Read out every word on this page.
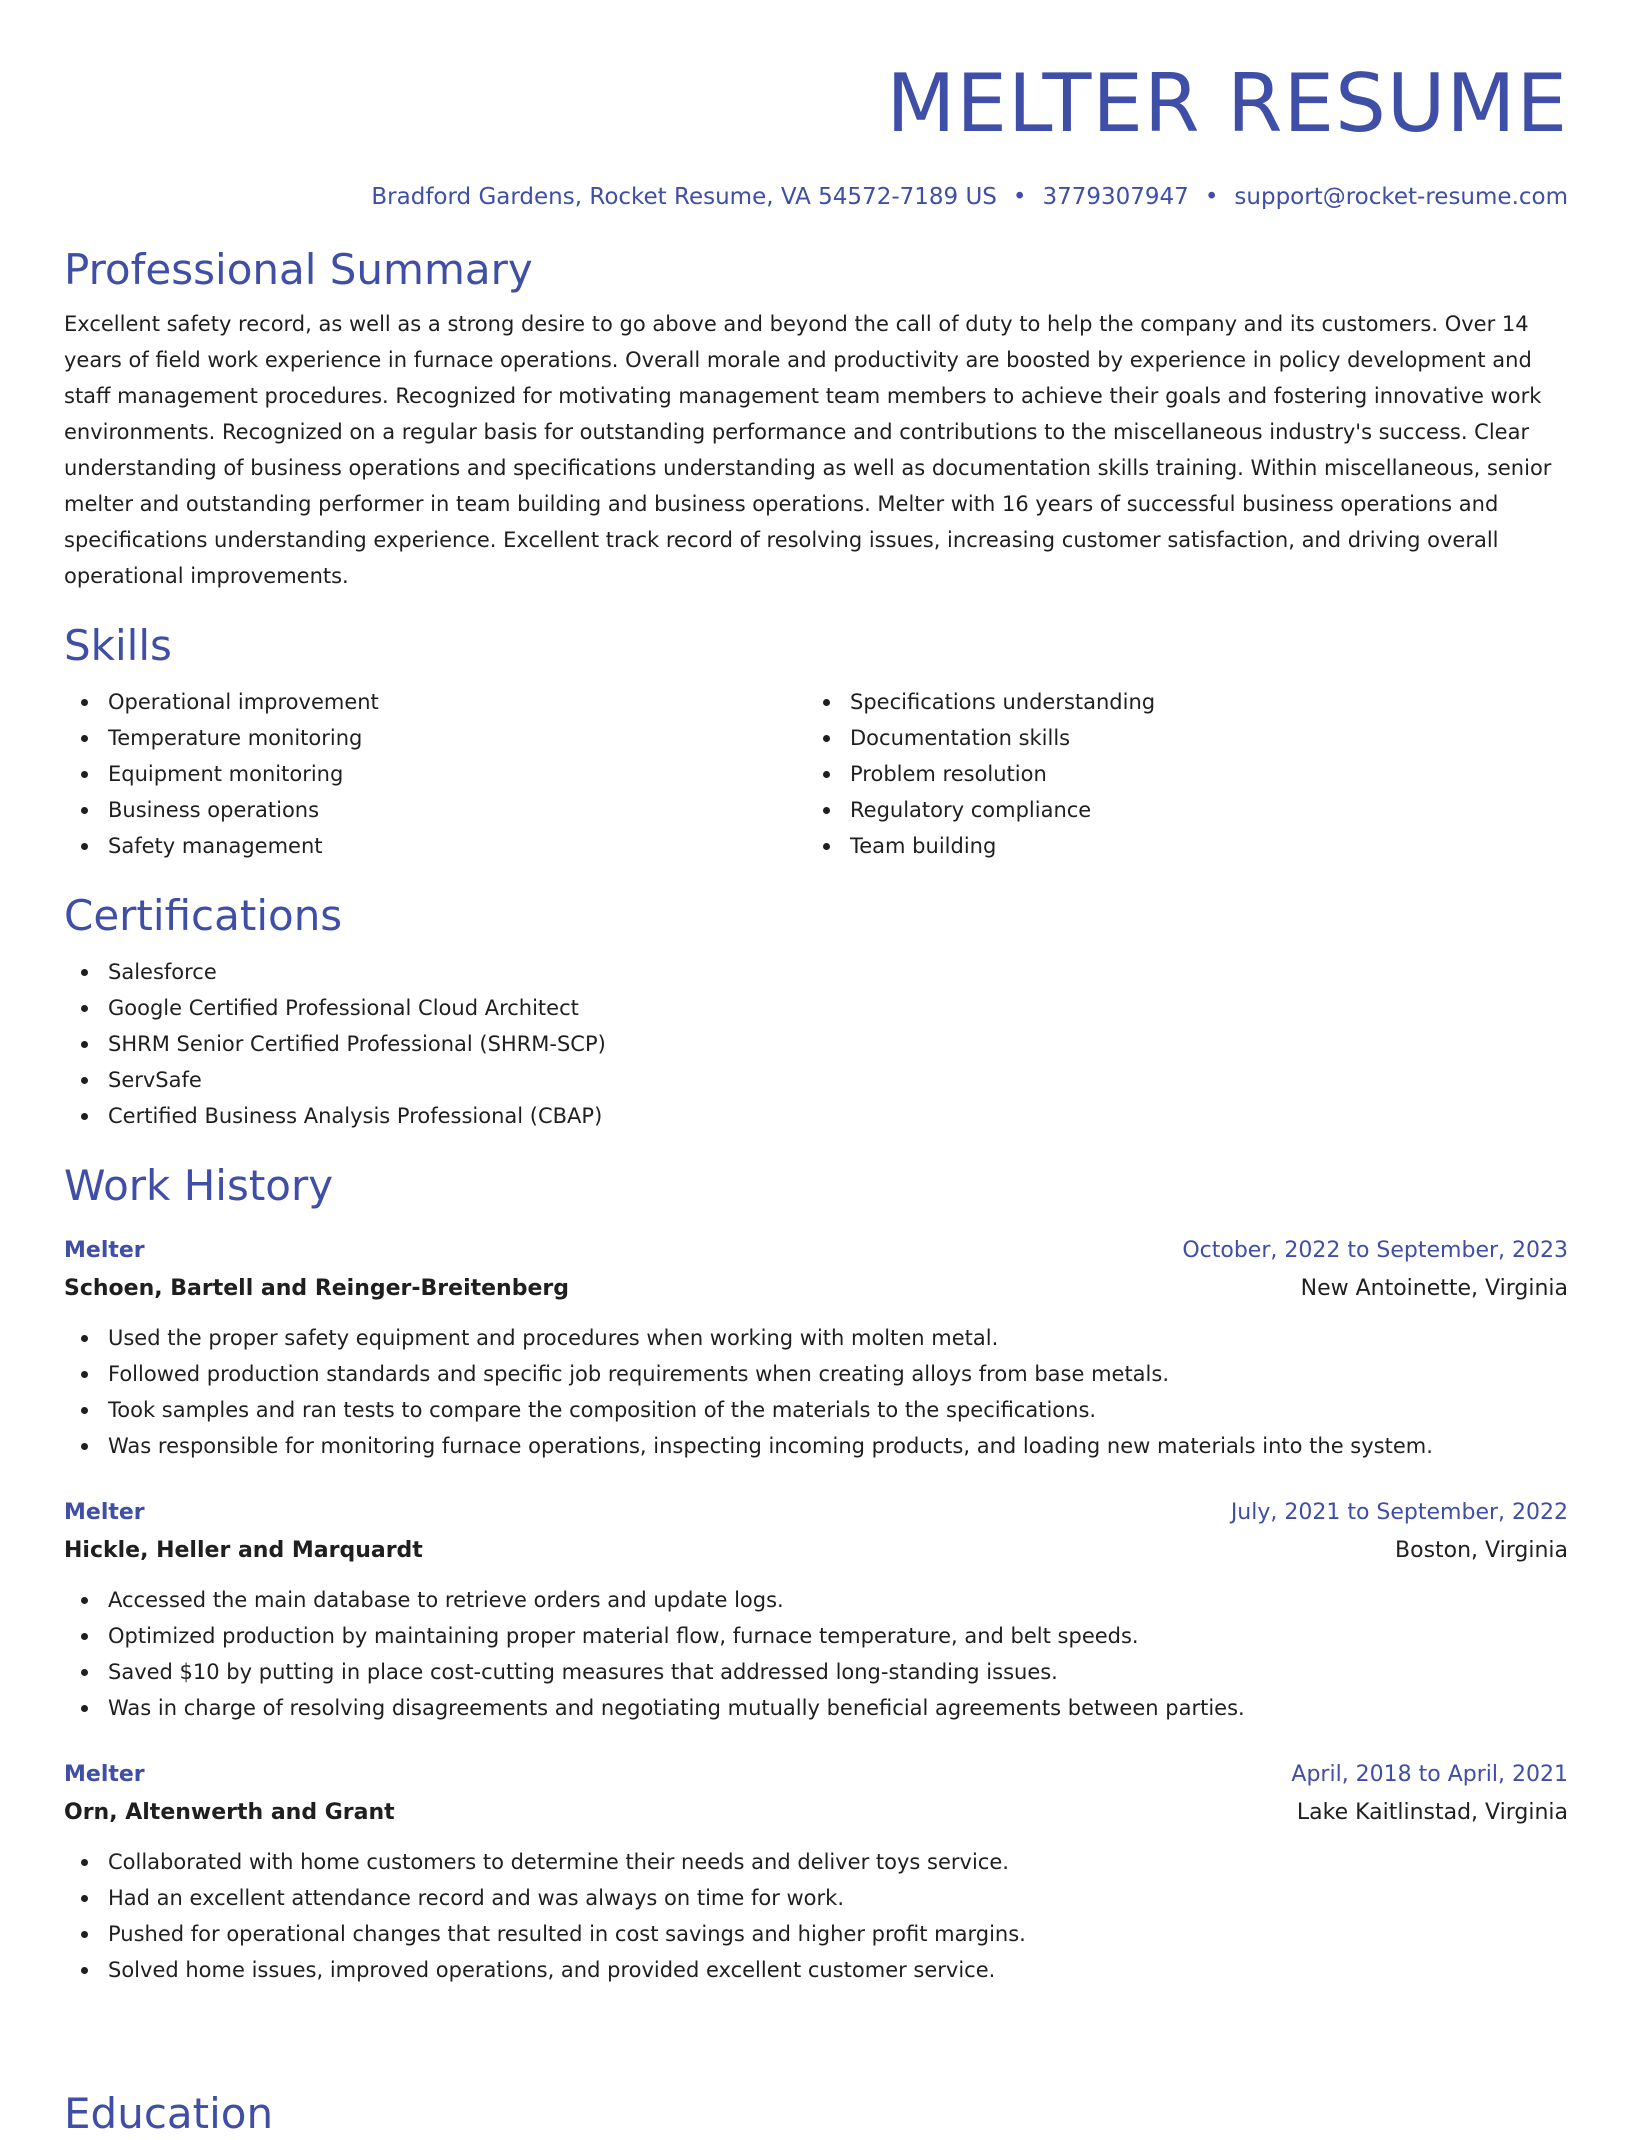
MELTER RESUME
Bradford Gardens, Rocket Resume, VA 54572-7189 US • 3779307947 • support@rocket-resume.com
Professional Summary

Excellent safety record, as well as a strong desire to go above and beyond the call of duty to help the company and its customers. Over 14 years of field work experience in furnace operations. Overall morale and productivity are boosted by experience in policy development and staff management procedures. Recognized for motivating management team members to achieve their goals and fostering innovative work environments. Recognized on a regular basis for outstanding performance and contributions to the miscellaneous industry's success. Clear understanding of business operations and specifications understanding as well as documentation skills training. Within miscellaneous, senior melter and outstanding performer in team building and business operations. Melter with 16 years of successful business operations and specifications understanding experience. Excellent track record of resolving issues, increasing customer satisfaction, and driving overall operational improvements.

Skills
Operational improvement
Temperature monitoring
Equipment monitoring
Business operations
Safety management
Specifications understanding
Documentation skills
Problem resolution
Regulatory compliance
Team building
Certifications
Salesforce
Google Certified Professional Cloud Architect
SHRM Senior Certified Professional (SHRM-SCP)
ServSafe
Certified Business Analysis Professional (CBAP)
Work History
Melter	October, 2022 to September, 2023
Schoen, Bartell and Reinger-Breitenberg	New Antoinette, Virginia
Used the proper safety equipment and procedures when working with molten metal.
Followed production standards and specific job requirements when creating alloys from base metals.
Took samples and ran tests to compare the composition of the materials to the specifications.
Was responsible for monitoring furnace operations, inspecting incoming products, and loading new materials into the system.
Melter	July, 2021 to September, 2022
Hickle, Heller and Marquardt	Boston, Virginia
Accessed the main database to retrieve orders and update logs.
Optimized production by maintaining proper material flow, furnace temperature, and belt speeds.
Saved $10 by putting in place cost-cutting measures that addressed long-standing issues.
Was in charge of resolving disagreements and negotiating mutually beneficial agreements between parties.
Melter	April, 2018 to April, 2021
Orn, Altenwerth and Grant	Lake Kaitlinstad, Virginia
Collaborated with home customers to determine their needs and deliver toys service.
Had an excellent attendance record and was always on time for work.
Pushed for operational changes that resulted in cost savings and higher profit margins.
Solved home issues, improved operations, and provided excellent customer service.
Education
